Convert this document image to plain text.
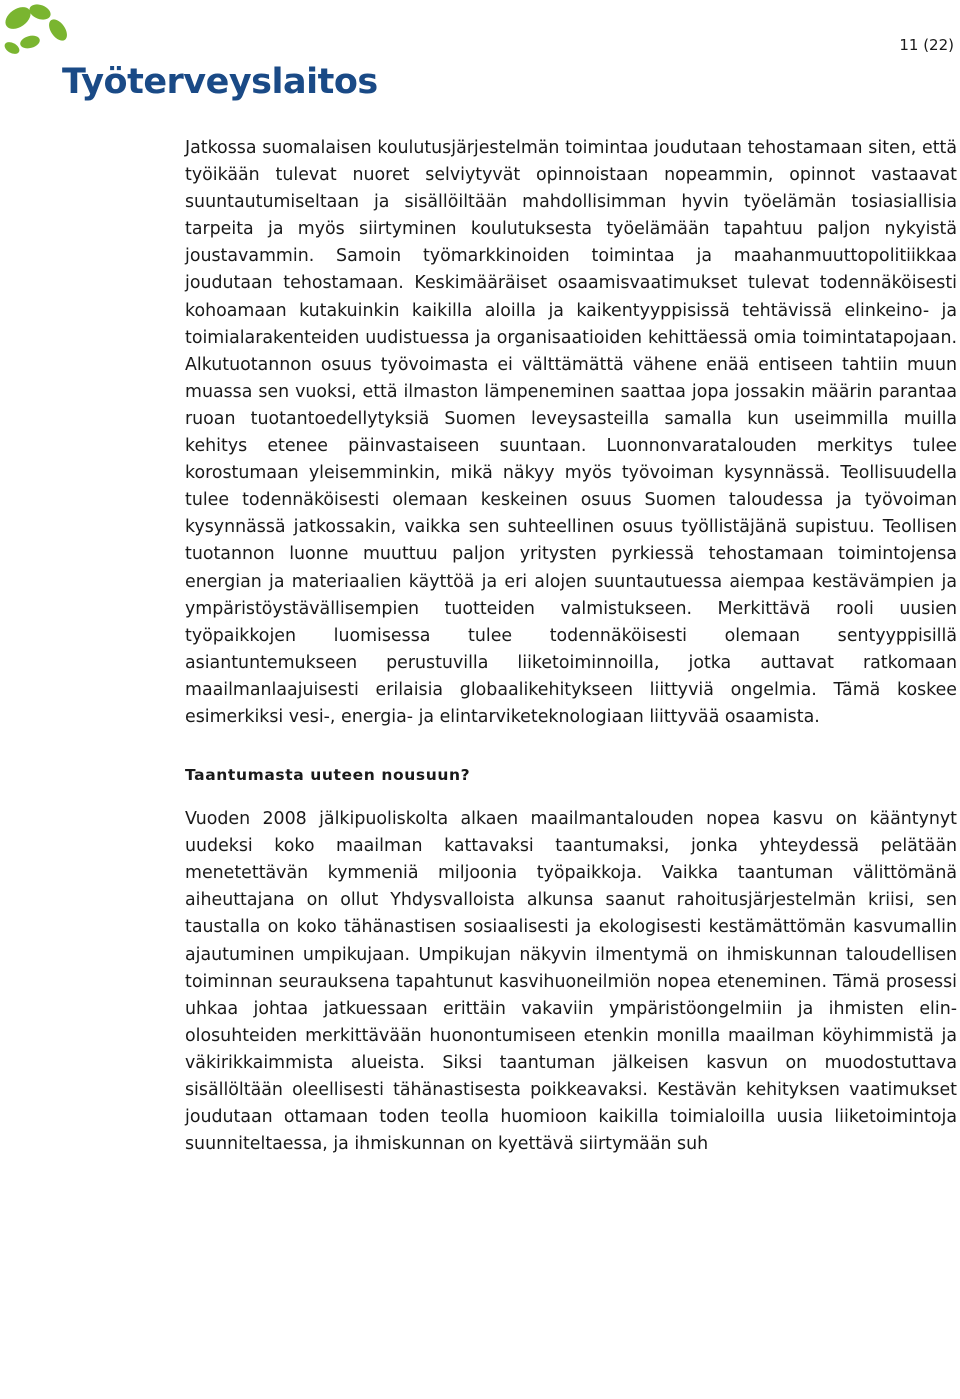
Työterveyslaitos
11 (22)

Jatkossa suomalaisen koulutusjärjestelmän toimintaa joudutaan tehostamaan siten, että työikään tulevat nuoret selviytyvät opinnoistaan nopeammin, opinnot vastaavat suuntautumiseltaan ja sisällöiltään mahdollisimman hyvin työelämän tosiasiallisia tarpeita ja myös siirtyminen koulutuksesta työelämään tapahtuu paljon nykyistä joustavammin. Samoin työmarkkinoiden toimintaa ja maahanmuuttopolitiikkaa joudutaan tehostamaan. Keskimääräiset osaamisvaatimukset tulevat todennäköisesti kohoamaan kutakuinkin kaikilla aloilla ja kaikentyyppisissä tehtävissä elinkeino- ja toimialarakenteiden uudistuessa ja organisaatioiden kehittäessä omia toimintatapojaan. Alkutuotannon osuus työvoimasta ei välttämättä vähene enää entiseen tahtiin muun muassa sen vuoksi, että ilmaston lämpeneminen saattaa jopa jossakin määrin parantaa ruoan tuotantoedellytyksiä Suomen leveysasteilla samalla kun useimmilla muilla kehitys etenee päinvastaiseen suuntaan. Luonnonvaratalouden merkitys tulee korostumaan yleisemminkin, mikä näkyy myös työvoiman kysynnässä. Teollisuudella tulee todennäköisesti olemaan keskeinen osuus Suomen taloudessa ja työvoiman kysynnässä jatkossakin, vaikka sen suhteellinen osuus työllistäjänä supistuu. Teollisen tuotannon luonne muuttuu paljon yritysten pyrkiessä tehostamaan toimintojensa energian ja materiaalien käyttöä ja eri alojen suuntautuessa aiempaa kestävämpien ja ympäristöystävällisempien tuotteiden valmistukseen. Merkittävä rooli uusien työpaikkojen luomisessa tulee todennäköisesti olemaan sentyyppisillä asiantuntemukseen perustuvilla liiketoiminnoilla, jotka auttavat ratkomaan maailmanlaajuisesti erilaisia globaalikehitykseen liittyviä ongelmia. Tämä koskee esimerkiksi vesi-, energia- ja elintarviketeknologiaan liittyvää osaamista.

Taantumasta uuteen nousuun?

Vuoden 2008 jälkipuoliskolta alkaen maailmantalouden nopea kasvu on kääntynyt uudeksi koko maailman kattavaksi taantumaksi, jonka yhteydessä pelätään menetettävän kymmeniä miljoonia työpaikkoja. Vaikka taantuman välittömänä aiheuttajana on ollut Yhdysvalloista alkunsa saanut rahoitusjärjestelmän kriisi, sen taustalla on koko tähänastisen sosiaalisesti ja ekologisesti kestämättömän kasvumallin ajautuminen umpikujaan. Umpikujan näkyvin ilmentymä on ihmiskunnan taloudellisen toiminnan seurauksena tapahtunut kasvihuoneilmiön nopea eteneminen. Tämä prosessi uhkaa johtaa jatkuessaan erittäin vakaviin ympäristöongelmiin ja ihmisten elinolosuhteiden merkittävään huonontumiseen etenkin monilla maailman köyhimmistä ja väkirikkaimmista alueista. Siksi taantuman jälkeisen kasvun on muodostuttava sisällöltään oleellisesti tähänastisesta poikkeavaksi. Kestävän kehityksen vaatimukset joudutaan ottamaan toden teolla huomioon kaikilla toimialoilla uusia liiketoimintoja suunniteltaessa, ja ihmiskunnan on kyettävä siirtymään suh
